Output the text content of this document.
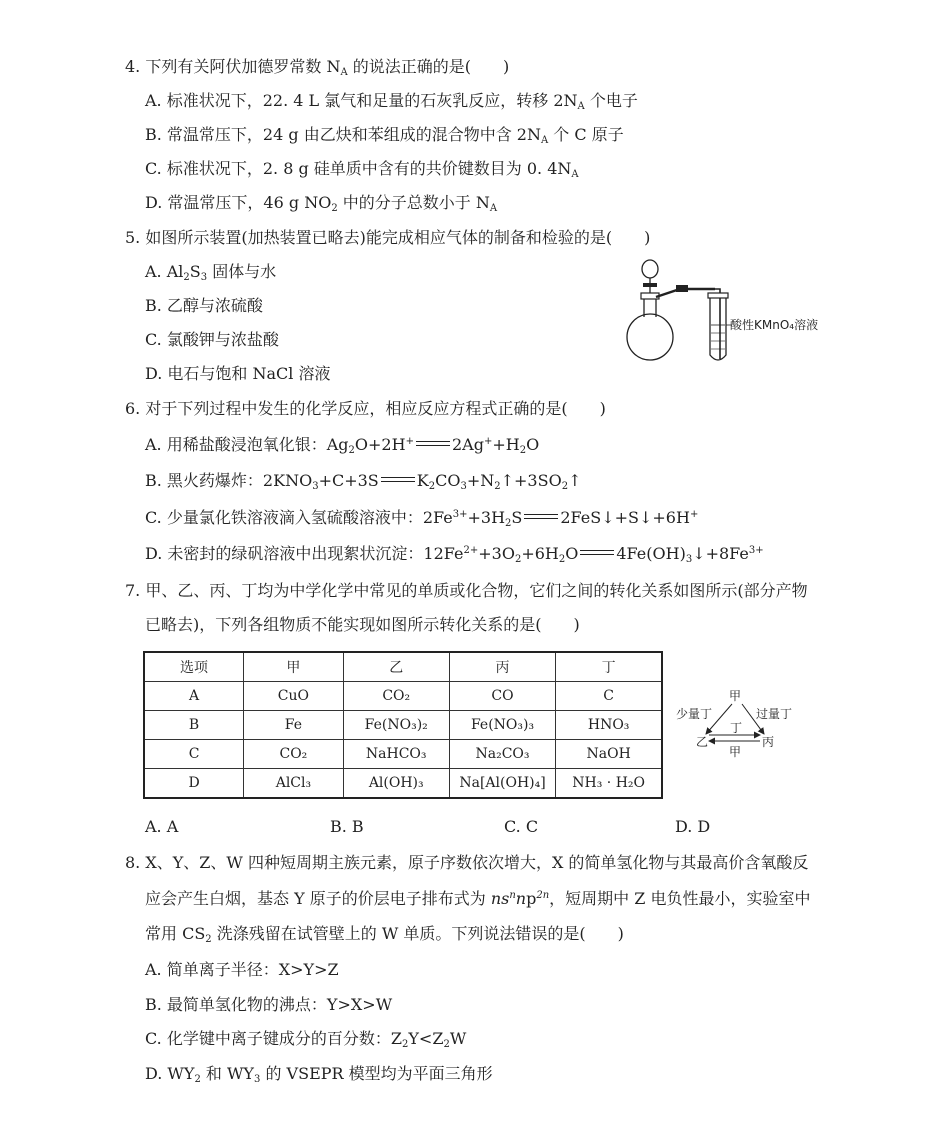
4. 下列有关阿伏加德罗常数 $N_A$ 的说法正确的是(　　)
A. 标准状况下，22. 4 L 氯气和足量的石灰乳反应，转移 $2N_A$ 个电子
B. 常温常压下，24 g 由乙炔和苯组成的混合物中含 $2N_A$ 个 C 原子
C. 标准状况下，2. 8 g 硅单质中含有的共价键数目为 0. $4N_A$
D. 常温常压下，46 g $NO_2$ 中的分子总数小于 $N_A$
5. 如图所示装置(加热装置已略去)能完成相应气体的制备和检验的是(　　)
A. $Al_2S_3$ 固体与水
B. 乙醇与浓硫酸
C. 氯酸钾与浓盐酸
D. 电石与饱和 NaCl 溶液
酸性KMnO₄溶液
6. 对于下列过程中发生的化学反应，相应反应方程式正确的是(　　)
A. 用稀盐酸浸泡氧化银：$Ag_2O+2H^+$ $2Ag^++H_2O$
B. 黑火药爆炸：$2KNO_3+C+3S$ $K_2CO_3+N_2↑+3SO_2↑$
C. 少量氯化铁溶液滴入氢硫酸溶液中：$2Fe^{3+}+3H_2S$ 2FeS↓+S↓+6H+
D. 未密封的绿矾溶液中出现絮状沉淀：$12Fe^{2+}+3O_2+6H_2O$ $4Fe(OH)_3↓+8Fe^{3+}$
7. 甲、乙、丙、丁均为中学化学中常见的单质或化合物，它们之间的转化关系如图所示(部分产物
已略去)，下列各组物质不能实现如图所示转化关系的是(　　)
选项	甲	乙	丙	丁
A	CuO	CO₂	CO	C
B	Fe	Fe(NO₃)₂	Fe(NO₃)₃	HNO₃
C	CO₂	NaHCO₃	Na₂CO₃	NaOH
D	AlCl₃	Al(OH)₃	Na[Al(OH)₄]	NH₃ · H₂O
甲
乙	丙
少量丁	过量丁
丁
甲
A. A	B. B	C. C	D. D
8. X、Y、Z、W 四种短周期主族元素，原子序数依次增大，X 的简单氢化物与其最高价含氧酸反
应会产生白烟，基态 Y 原子的价层电子排布式为 $ns^nnp^{2n}$，短周期中 Z 电负性最小，实验室中
常用 $CS_2$ 洗涤残留在试管壁上的 W 单质。下列说法错误的是(　　)
A. 简单离子半径：X>Y>Z
B. 最简单氢化物的沸点：Y>X>W
C. 化学键中离子键成分的百分数：$Z_2Y<Z_2W$
D. $WY_2$ 和 $WY_3$ 的 VSEPR 模型均为平面三角形
